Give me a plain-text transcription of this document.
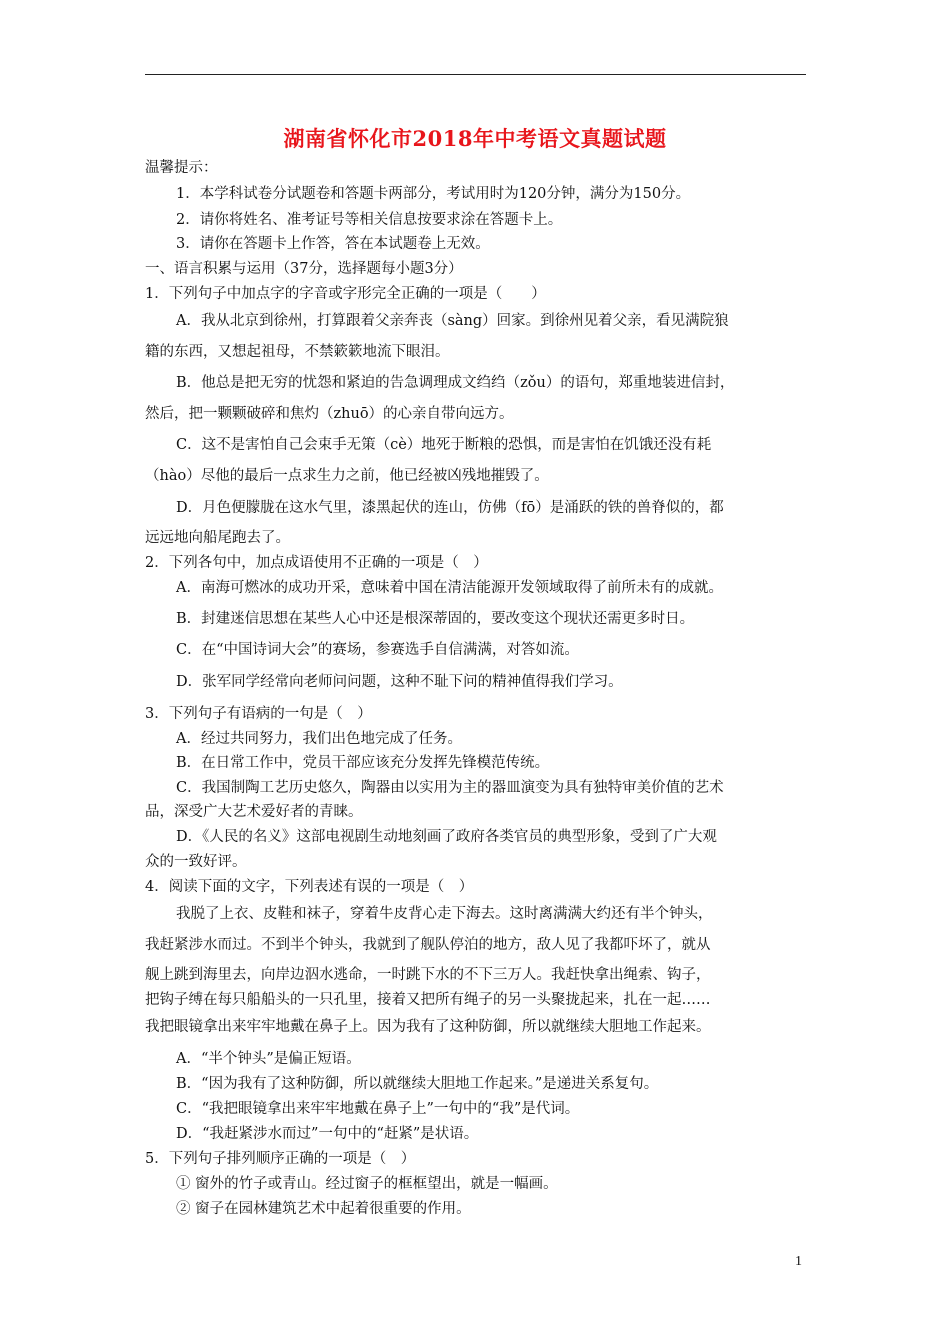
湖南省怀化市2018年中考语文真题试题
温馨提示：
1．本学科试卷分试题卷和答题卡两部分，考试用时为120分钟，满分为150分。
2．请你将姓名、准考证号等相关信息按要求涂在答题卡上。
3．请你在答题卡上作答，答在本试题卷上无效。
一、语言积累与运用（37分，选择题每小题3分）
1．下列句子中加点字的字音或字形完全正确的一项是（　　）
A．我从北京到徐州，打算跟着父亲奔丧（sàng）回家。到徐州见着父亲，看见满院狼
籍的东西，又想起祖母，不禁簌簌地流下眼泪。
B．他总是把无穷的忧怨和紧迫的告急调理成文绉绉（zǒu）的语句，郑重地装进信封，
然后，把一颗颗破碎和焦灼（zhuō）的心亲自带向远方。
C．这不是害怕自己会束手无策（cè）地死于断粮的恐惧，而是害怕在饥饿还没有耗
（hào）尽他的最后一点求生力之前，他已经被凶残地摧毁了。
D．月色便朦胧在这水气里，漆黑起伏的连山，仿佛（fō）是涌跃的铁的兽脊似的，都
远远地向船尾跑去了。
2．下列各句中，加点成语使用不正确的一项是（　）
A．南海可燃冰的成功开采，意味着中国在清洁能源开发领域取得了前所未有的成就。
B．封建迷信思想在某些人心中还是根深蒂固的，要改变这个现状还需更多时日。
C．在“中国诗词大会”的赛场，参赛选手自信满满，对答如流。
D．张军同学经常向老师问问题，这种不耻下问的精神值得我们学习。
3．下列句子有语病的一句是（　）
A．经过共同努力，我们出色地完成了任务。
B．在日常工作中，党员干部应该充分发挥先锋模范传统。
C．我国制陶工艺历史悠久，陶器由以实用为主的器皿演变为具有独特审美价值的艺术
品，深受广大艺术爱好者的青睐。
D．《人民的名义》这部电视剧生动地刻画了政府各类官员的典型形象，受到了广大观
众的一致好评。
4．阅读下面的文字，下列表述有误的一项是（　）
我脱了上衣、皮鞋和袜子，穿着牛皮背心走下海去。这时离满满大约还有半个钟头，
我赶紧涉水而过。不到半个钟头，我就到了舰队停泊的地方，敌人见了我都吓坏了，就从
舰上跳到海里去，向岸边泅水逃命，一时跳下水的不下三万人。我赶快拿出绳索、钩子，
把钩子缚在每只船船头的一只孔里，接着又把所有绳子的另一头聚拢起来，扎在一起……
我把眼镜拿出来牢牢地戴在鼻子上。因为我有了这种防御，所以就继续大胆地工作起来。
A．“半个钟头”是偏正短语。
B．“因为我有了这种防御，所以就继续大胆地工作起来。”是递进关系复句。
C．“我把眼镜拿出来牢牢地戴在鼻子上”一句中的“我”是代词。
D．“我赶紧涉水而过”一句中的“赶紧”是状语。
5．下列句子排列顺序正确的一项是（　）
① 窗外的竹子或青山。经过窗子的框框望出，就是一幅画。
② 窗子在园林建筑艺术中起着很重要的作用。
1
